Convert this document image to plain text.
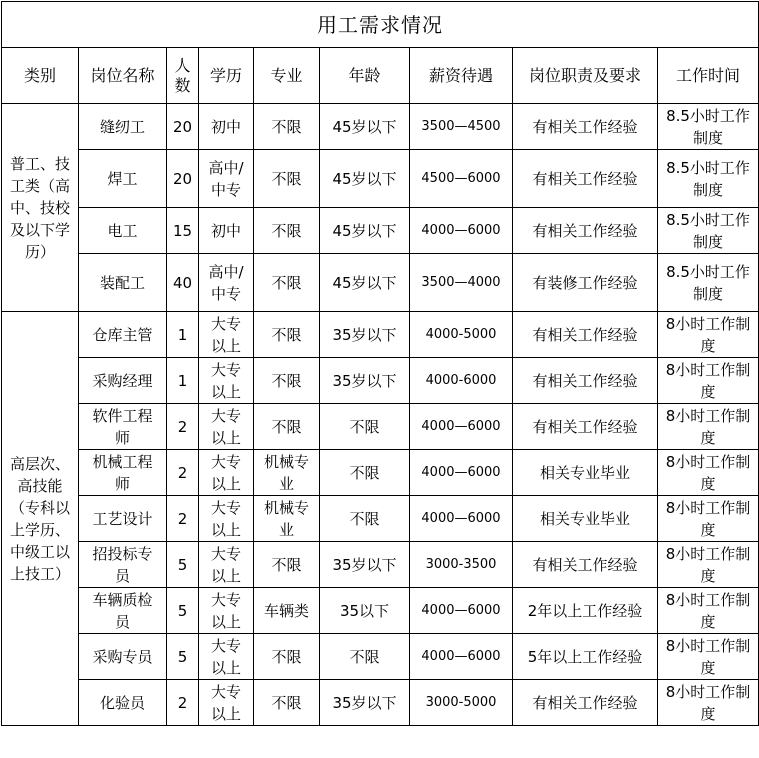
用工需求情况								
类别	岗位名称	人数	学历	专业	年龄	薪资待遇	岗位职责及要求	工作时间
普工、技工类（高中、技校及以下学历）	缝纫工	20	初中	不限	45岁以下	3500—4500	有相关工作经验	8.5小时工作制度
	焊工	20	高中/中专	不限	45岁以下	4500—6000	有相关工作经验	8.5小时工作制度
	电工	15	初中	不限	45岁以下	4000—6000	有相关工作经验	8.5小时工作制度
	装配工	40	高中/中专	不限	45岁以下	3500—4000	有装修工作经验	8.5小时工作制度
高层次、高技能（专科以上学历、中级工以上技工）	仓库主管	1	大专以上	不限	35岁以下	4000-5000	有相关工作经验	8小时工作制度
	采购经理	1	大专以上	不限	35岁以下	4000-6000	有相关工作经验	8小时工作制度
	软件工程师	2	大专以上	不限	不限	4000—6000	有相关工作经验	8小时工作制度
	机械工程师	2	大专以上	机械专业	不限	4000—6000	相关专业毕业	8小时工作制度
	工艺设计	2	大专以上	机械专业	不限	4000—6000	相关专业毕业	8小时工作制度
	招投标专员	5	大专以上	不限	35岁以下	3000-3500	有相关工作经验	8小时工作制度
	车辆质检员	5	大专以上	车辆类	35以下	4000—6000	2年以上工作经验	8小时工作制度
	采购专员	5	大专以上	不限	不限	4000—6000	5年以上工作经验	8小时工作制度
	化验员	2	大专以上	不限	35岁以下	3000-5000	有相关工作经验	8小时工作制度
